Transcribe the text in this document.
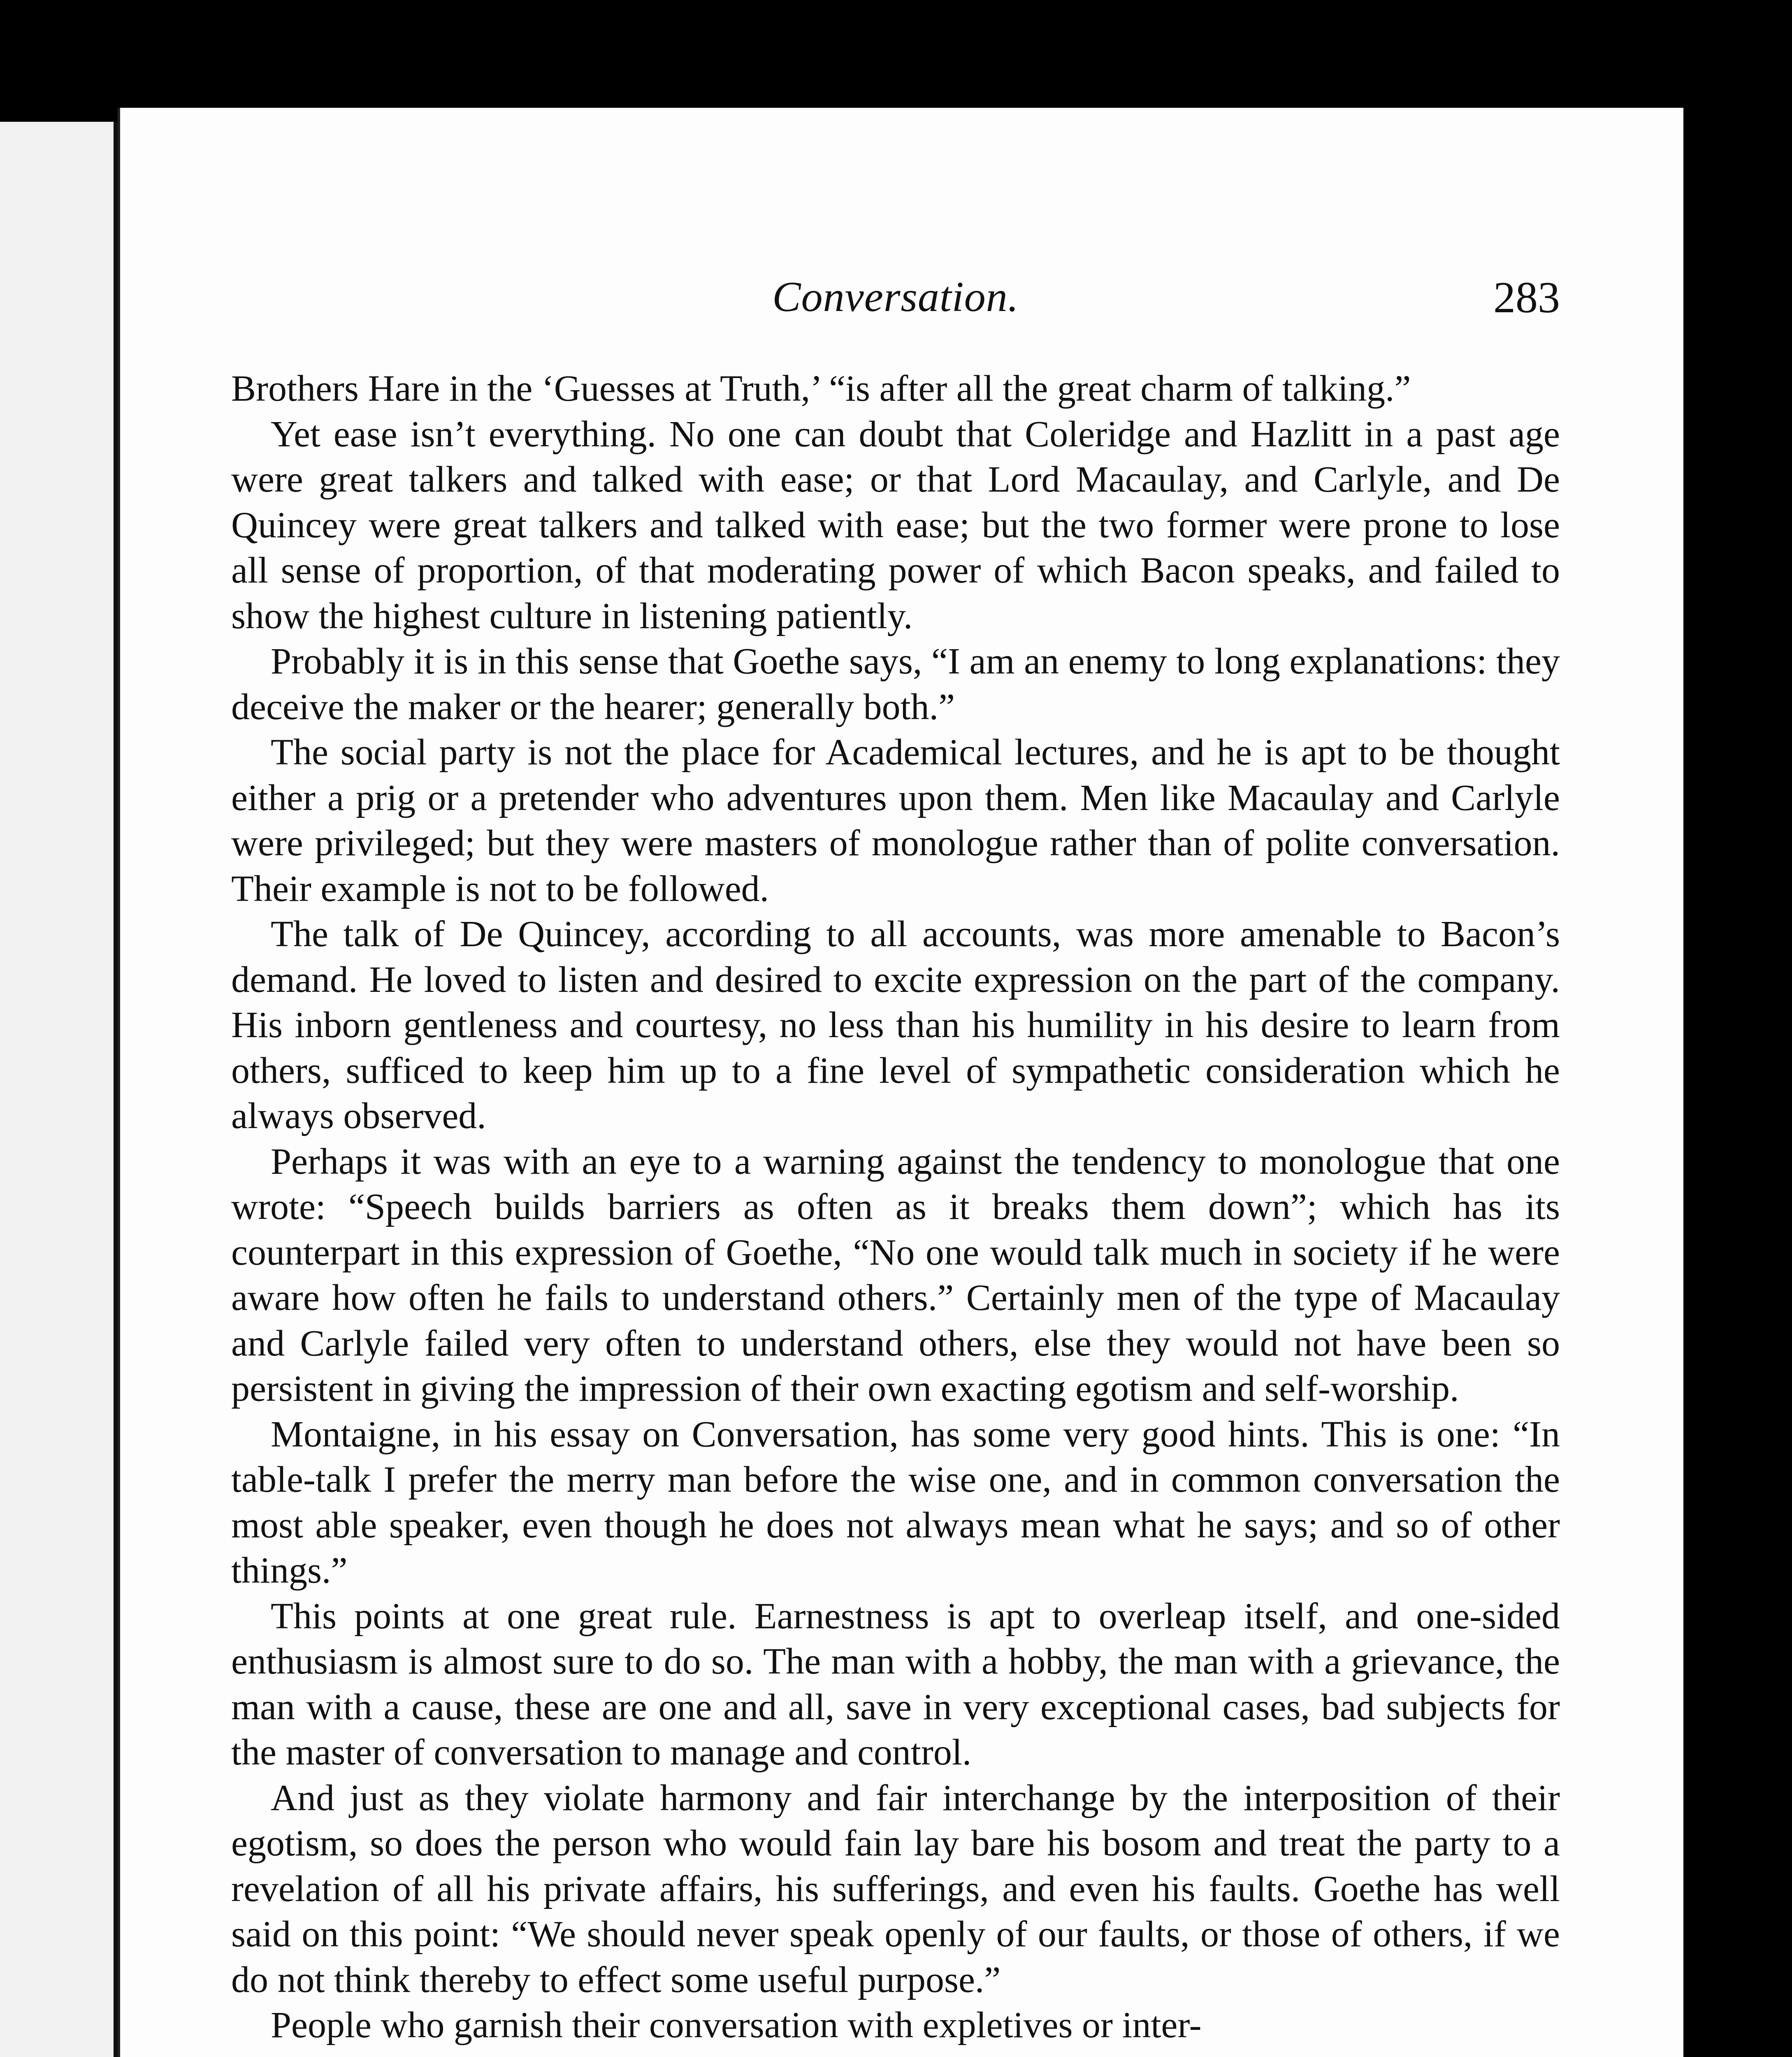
Conversation.	283

Brothers Hare in the ‘Guesses at Truth,’ “is after all the great charm of talking.”

Yet ease isn’t everything. No one can doubt that Coleridge and Hazlitt in a past age were great talkers and talked with ease; or that Lord Macaulay, and Carlyle, and De Quincey were great talkers and talked with ease; but the two former were prone to lose all sense of proportion, of that moderating power of which Bacon speaks, and failed to show the highest culture in listening patiently.

Probably it is in this sense that Goethe says, “I am an enemy to long explanations: they deceive the maker or the hearer; generally both.”

The social party is not the place for Academical lectures, and he is apt to be thought either a prig or a pretender who adventures upon them. Men like Macaulay and Carlyle were privileged; but they were masters of monologue rather than of polite conversation. Their example is not to be followed.

The talk of De Quincey, according to all accounts, was more amenable to Bacon’s demand. He loved to listen and desired to excite expression on the part of the company. His inborn gentleness and courtesy, no less than his humility in his desire to learn from others, sufficed to keep him up to a fine level of sympathetic consideration which he always observed.

Perhaps it was with an eye to a warning against the tendency to monologue that one wrote: “Speech builds barriers as often as it breaks them down”; which has its counterpart in this expression of Goethe, “No one would talk much in society if he were aware how often he fails to understand others.” Certainly men of the type of Macaulay and Carlyle failed very often to understand others, else they would not have been so persistent in giving the impression of their own exacting egotism and self-worship.

Montaigne, in his essay on Conversation, has some very good hints. This is one: “In table-talk I prefer the merry man before the wise one, and in common conversation the most able speaker, even though he does not always mean what he says; and so of other things.”

This points at one great rule. Earnestness is apt to overleap itself, and one-sided enthusiasm is almost sure to do so. The man with a hobby, the man with a grievance, the man with a cause, these are one and all, save in very exceptional cases, bad subjects for the master of conversation to manage and control.

And just as they violate harmony and fair interchange by the interposition of their egotism, so does the person who would fain lay bare his bosom and treat the party to a revelation of all his private affairs, his sufferings, and even his faults. Goethe has well said on this point: “We should never speak openly of our faults, or those of others, if we do not think thereby to effect some useful purpose.”

People who garnish their conversation with expletives or inter-
